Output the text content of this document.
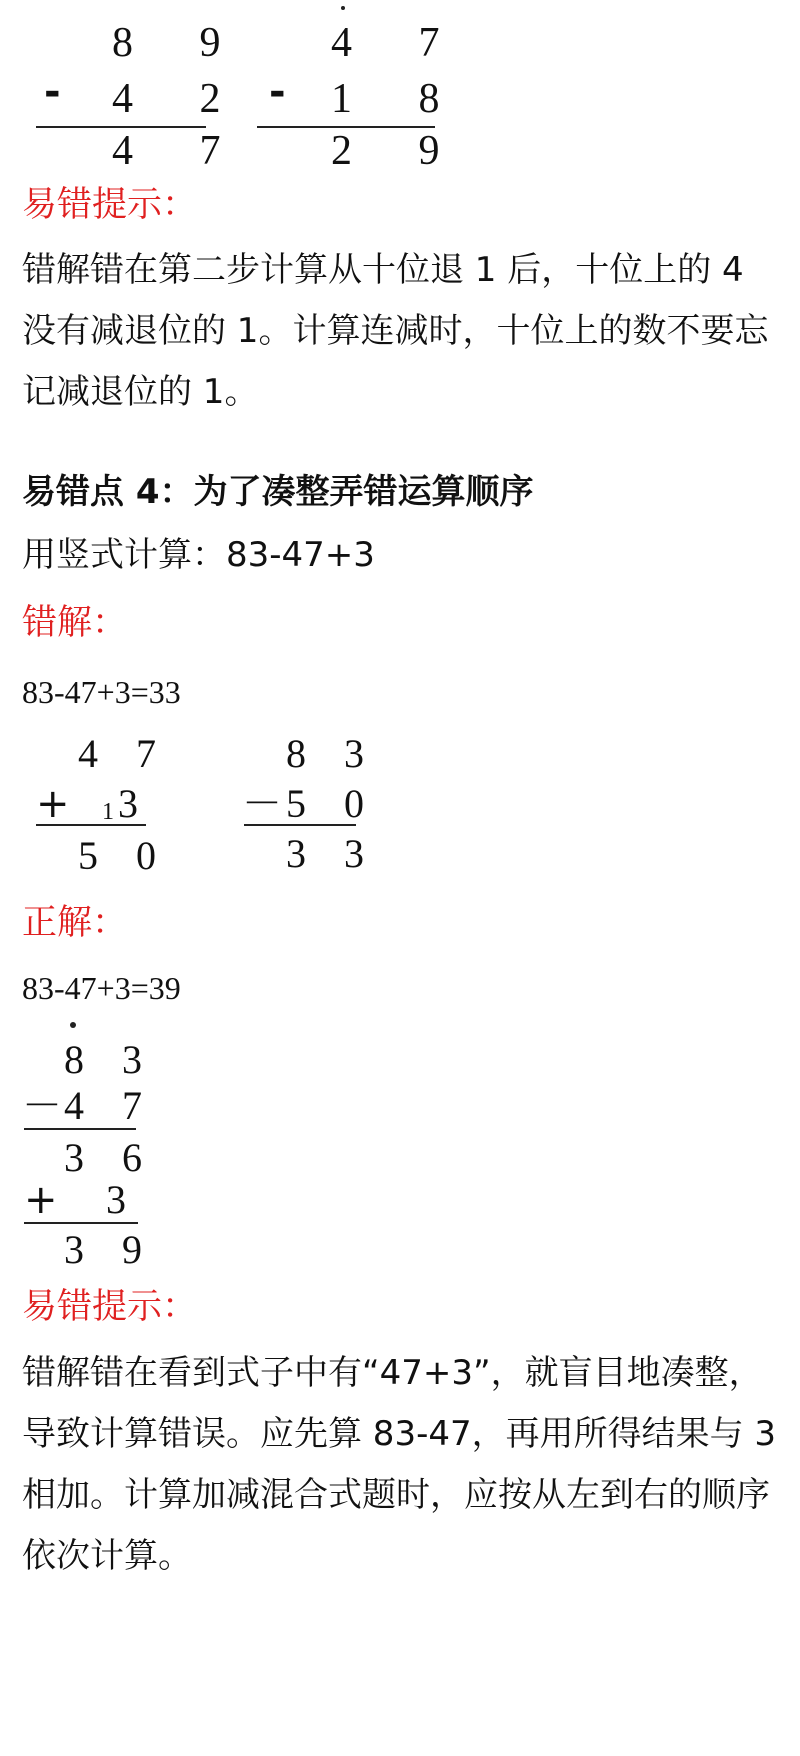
8 9
- 4 2
4 7
4 7
- 1 8
2 9
易错提示：
错解错在第二步计算从十位退 1 后，十位上的 4 没有减退位的 1。计算连减时，十位上的数不要忘记减退位的 1。
易错点 4：为了凑整弄错运算顺序
用竖式计算：83-47+3
错解：
83-47+3=33
4 7
+ 1 3
5 0
8 3
－ 5 0
3 3
正解：
83-47+3=39
8 3
－ 4 7
3 6
+ 3
3 9
易错提示：
错解错在看到式子中有“47+3”，就盲目地凑整，导致计算错误。应先算 83-47，再用所得结果与 3 相加。计算加减混合式题时，应按从左到右的顺序依次计算。
